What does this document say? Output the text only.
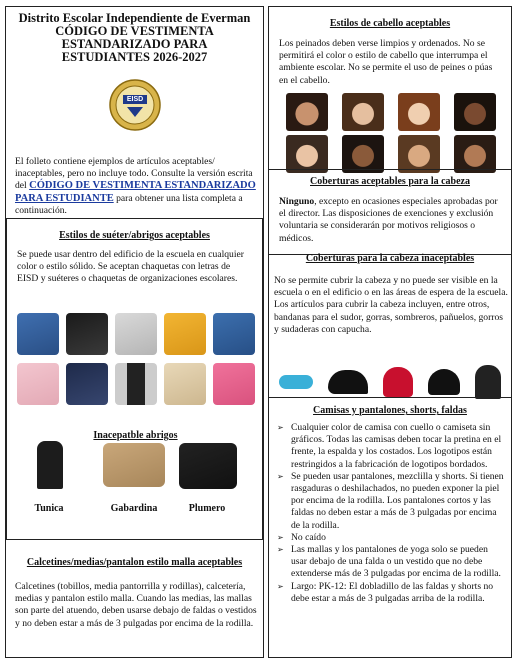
Distrito Escolar Independiente de Everman
CÓDIGO DE VESTIMENTA
ESTANDARIZADO PARA
ESTUDIANTES 2026-2027
EISD
El folleto contiene ejemplos de artículos aceptables/ inaceptables, pero no incluye todo. Consulte la versión escrita del CÓDIGO DE VESTIMENTA ESTANDARIZADO PARA ESTUDIANTE para obtener una lista completa a continuación.
Estilos de suéter/abrigos aceptables
Se puede usar dentro del edificio de la escuela en cualquier color o estilo sólido. Se aceptan chaquetas con letras de EISD y suéteres o chaquetas de organizaciones escolares.
Inacepatble abrigos
Tunica	Gabardina	Plumero
Calcetines/medias/pantalon estilo malla aceptables
Calcetines (tobillos, media pantorrilla y rodillas), calcetería, medias y pantalon estilo malla. Cuando las medias, las mallas son parte del atuendo, deben usarse debajo de faldas o vestidos y no deben estar a más de 3 pulgadas por encima de la rodilla.
Estilos de cabello aceptables
Los peinados deben verse limpios y ordenados. No se permitirá el color o estilo de cabello que interrumpa el ambiente escolar. No se permite el uso de peines o púas en el cabello.
Coberturas aceptables para la cabeza
Ninguno, excepto en ocasiones especiales aprobadas por el director. Las disposiciones de exenciones y exclusión voluntaria se considerarán por motivos religiosos o médicos.
Coberturas para la cabeza inaceptables
No se permite cubrir la cabeza y no puede ser visible en la escuela o en el edificio o en las áreas de espera de la escuela. Los artículos para cubrir la cabeza incluyen, entre otros, bandanas para el sudor, gorras, sombreros, pañuelos, gorros y sudaderas con capucha.
Camisas y pantalones, shorts, faldas
➢ Cualquier color de camisa con cuello o camiseta sin gráficos. Todas las camisas deben tocar la pretina en el frente, la espalda y los costados. Los logotipos están restringidos a la fabricación de logotipos bordados.
➢ Se pueden usar pantalones, mezclilla y shorts. Si tienen rasgaduras o deshilachados, no pueden exponer la piel por encima de la rodilla. Los pantalones cortos y las faldas no deben estar a más de 3 pulgadas por encima de la rodilla.
➢ No caído
➢ Las mallas y los pantalones de yoga solo se pueden usar debajo de una falda o un vestido que no debe extenderse más de 3 pulgadas por encima de la rodilla.
➢ Largo: PK-12: El dobladillo de las faldas y shorts no debe estar a más de 3 pulgadas arriba de la rodilla.
